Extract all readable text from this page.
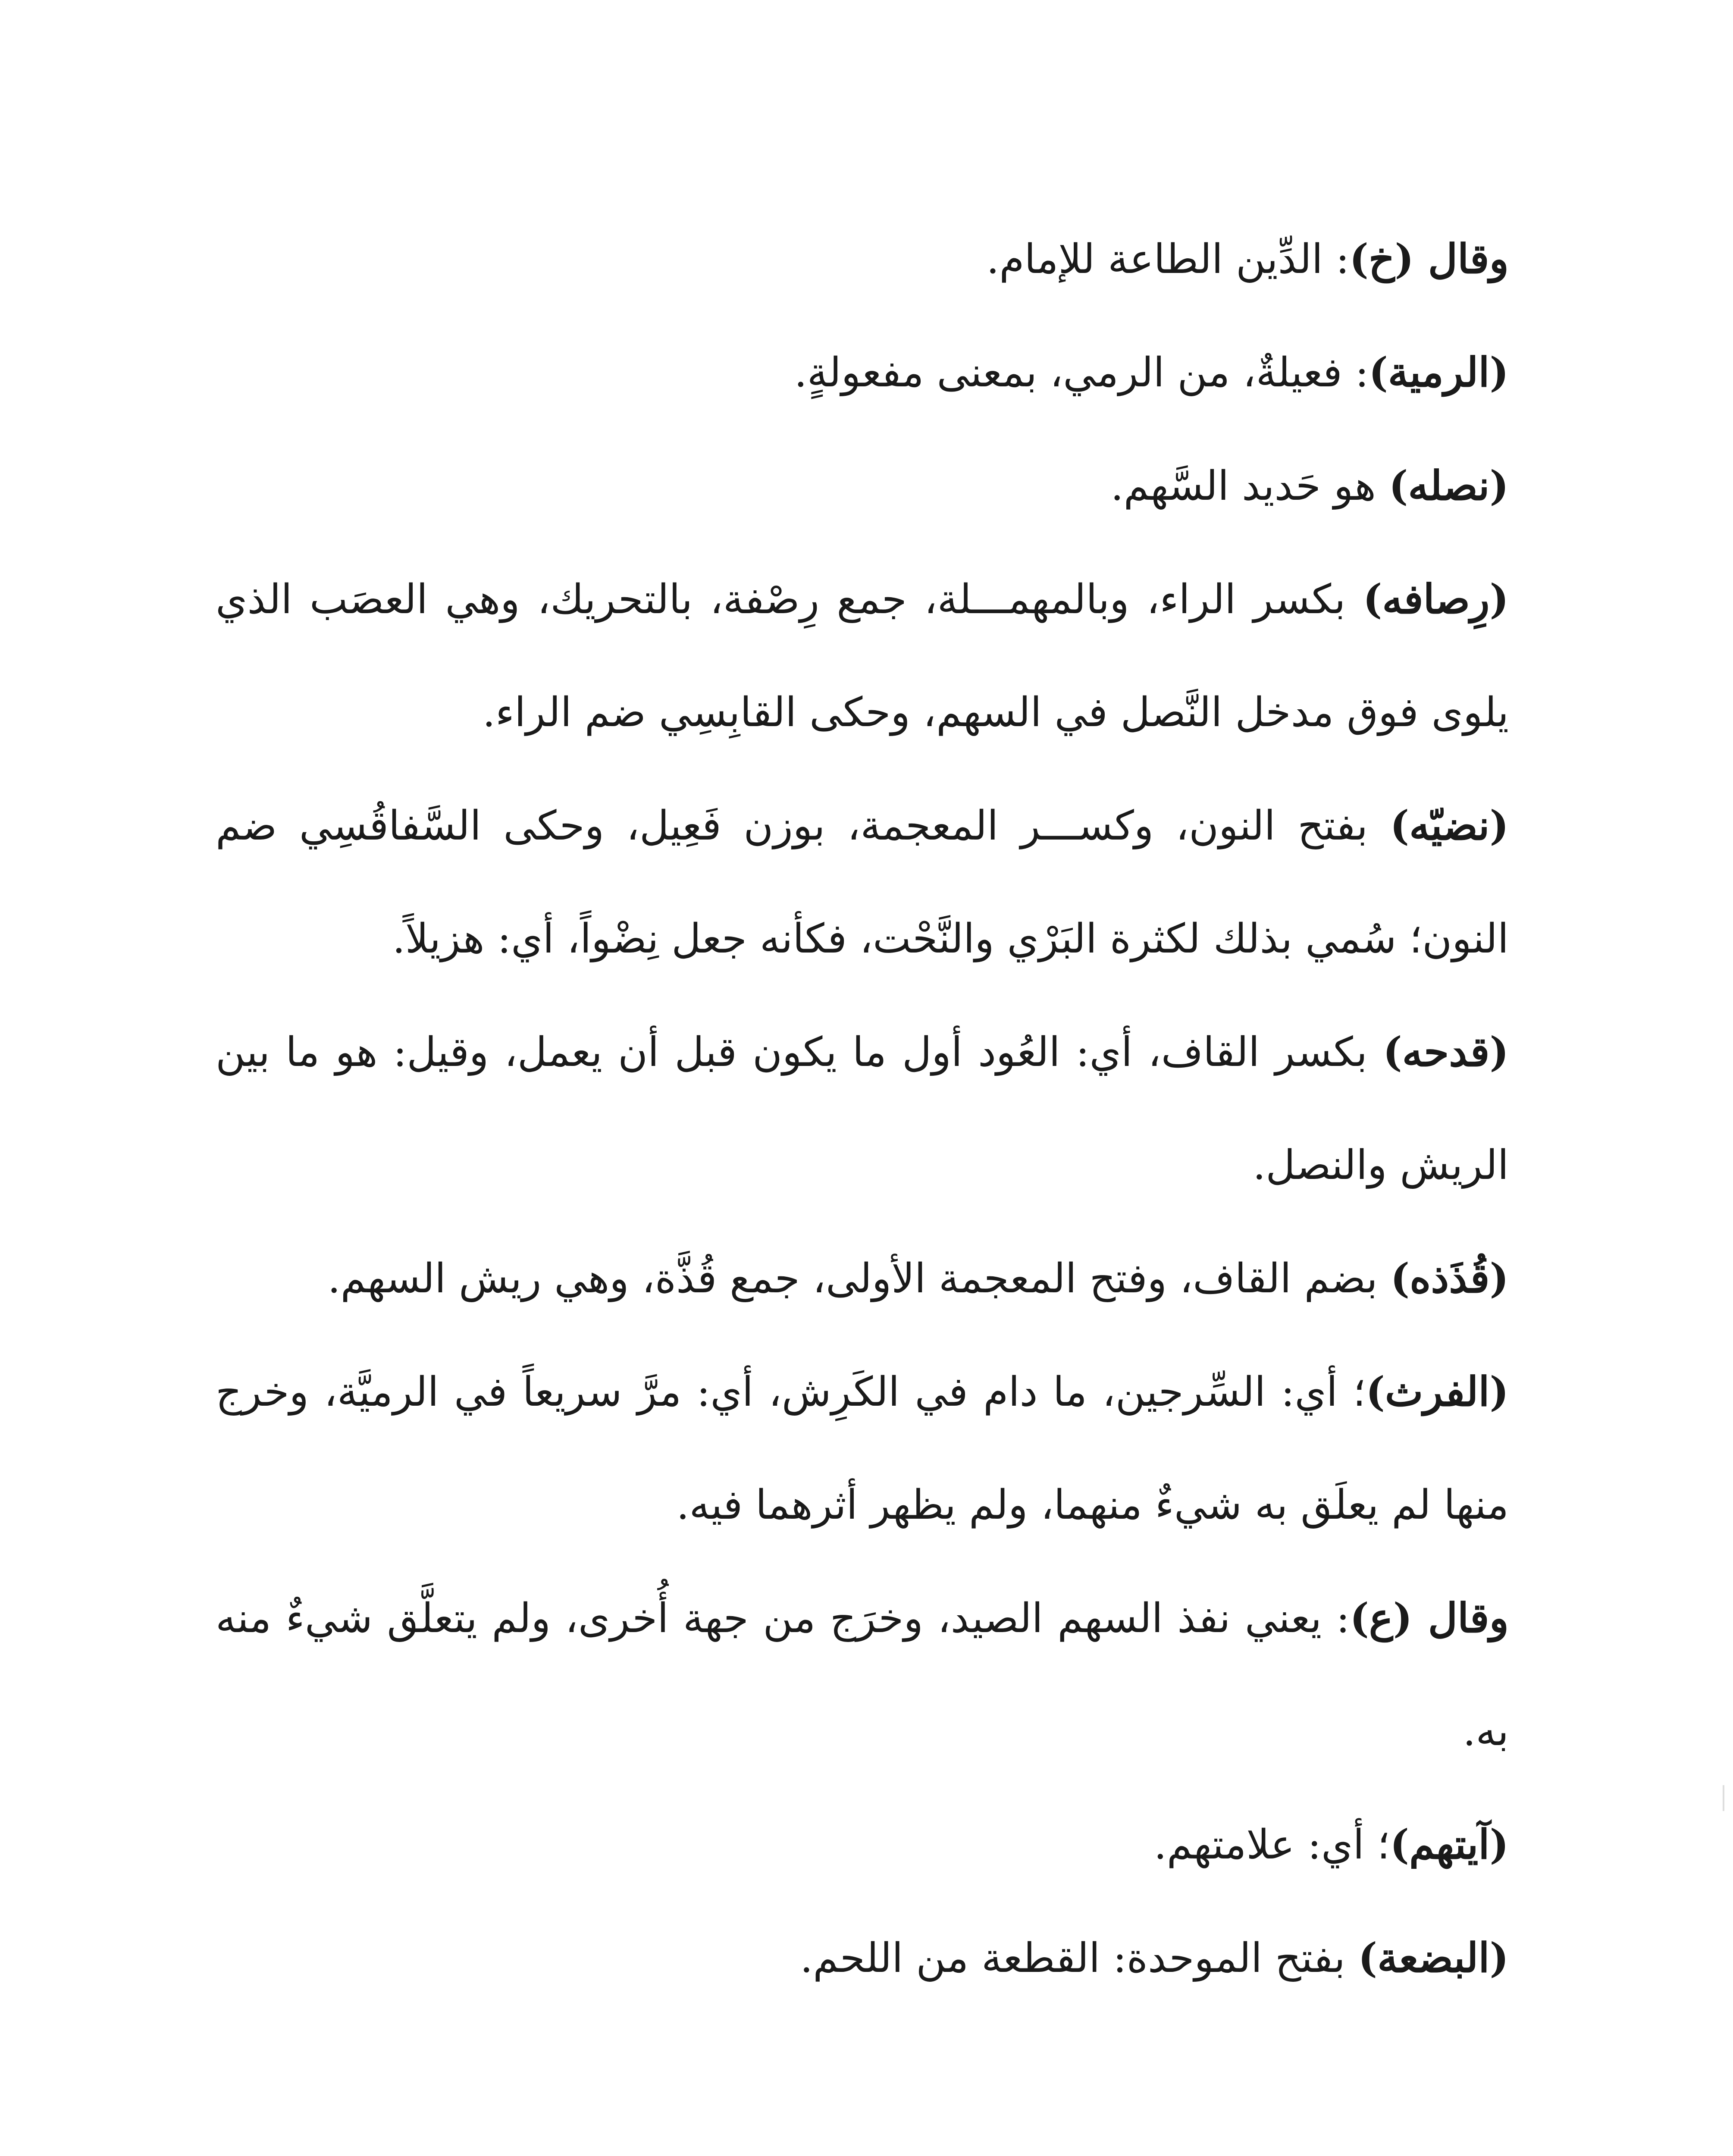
وقال (خ): الدِّين الطاعة للإمام.

(الرمية): فعيلةٌ، من الرمي، بمعنى مفعولةٍ.

(نصله) هو حَديد السَّهم.

(رِصافه) بكسر الراء، وبالمهمـــلة، جمع رِصْفة، بالتحريك، وهي العصَب الذي يلوى فوق مدخل النَّصل في السهم، وحكى القابِسِي ضم الراء.

(نضيّه) بفتح النون، وكســـر المعجمة، بوزن فَعِيل، وحكى السَّفاقُسِي ضم النون؛ سُمي بذلك لكثرة البَرْي والنَّحْت، فكأنه جعل نِضْواً، أي: هزيلاً.

(قدحه) بكسر القاف، أي: العُود أول ما يكون قبل أن يعمل، وقيل: هو ما بين الريش والنصل.

(قُذَذه) بضم القاف، وفتح المعجمة الأولى، جمع قُذَّة، وهي ريش السهم.

(الفرث)؛ أي: السِّرجين، ما دام في الكَرِش، أي: مرَّ سريعاً في الرميَّة، وخرج منها لم يعلَق به شيءٌ منهما، ولم يظهر أثرهما فيه.

وقال (ع): يعني نفذ السهم الصيد، وخرَج من جهة أُخرى، ولم يتعلَّق شيءٌ منه به.

(آيتهم)؛ أي: علامتهم.

(البضعة) بفتح الموحدة: القطعة من اللحم.
